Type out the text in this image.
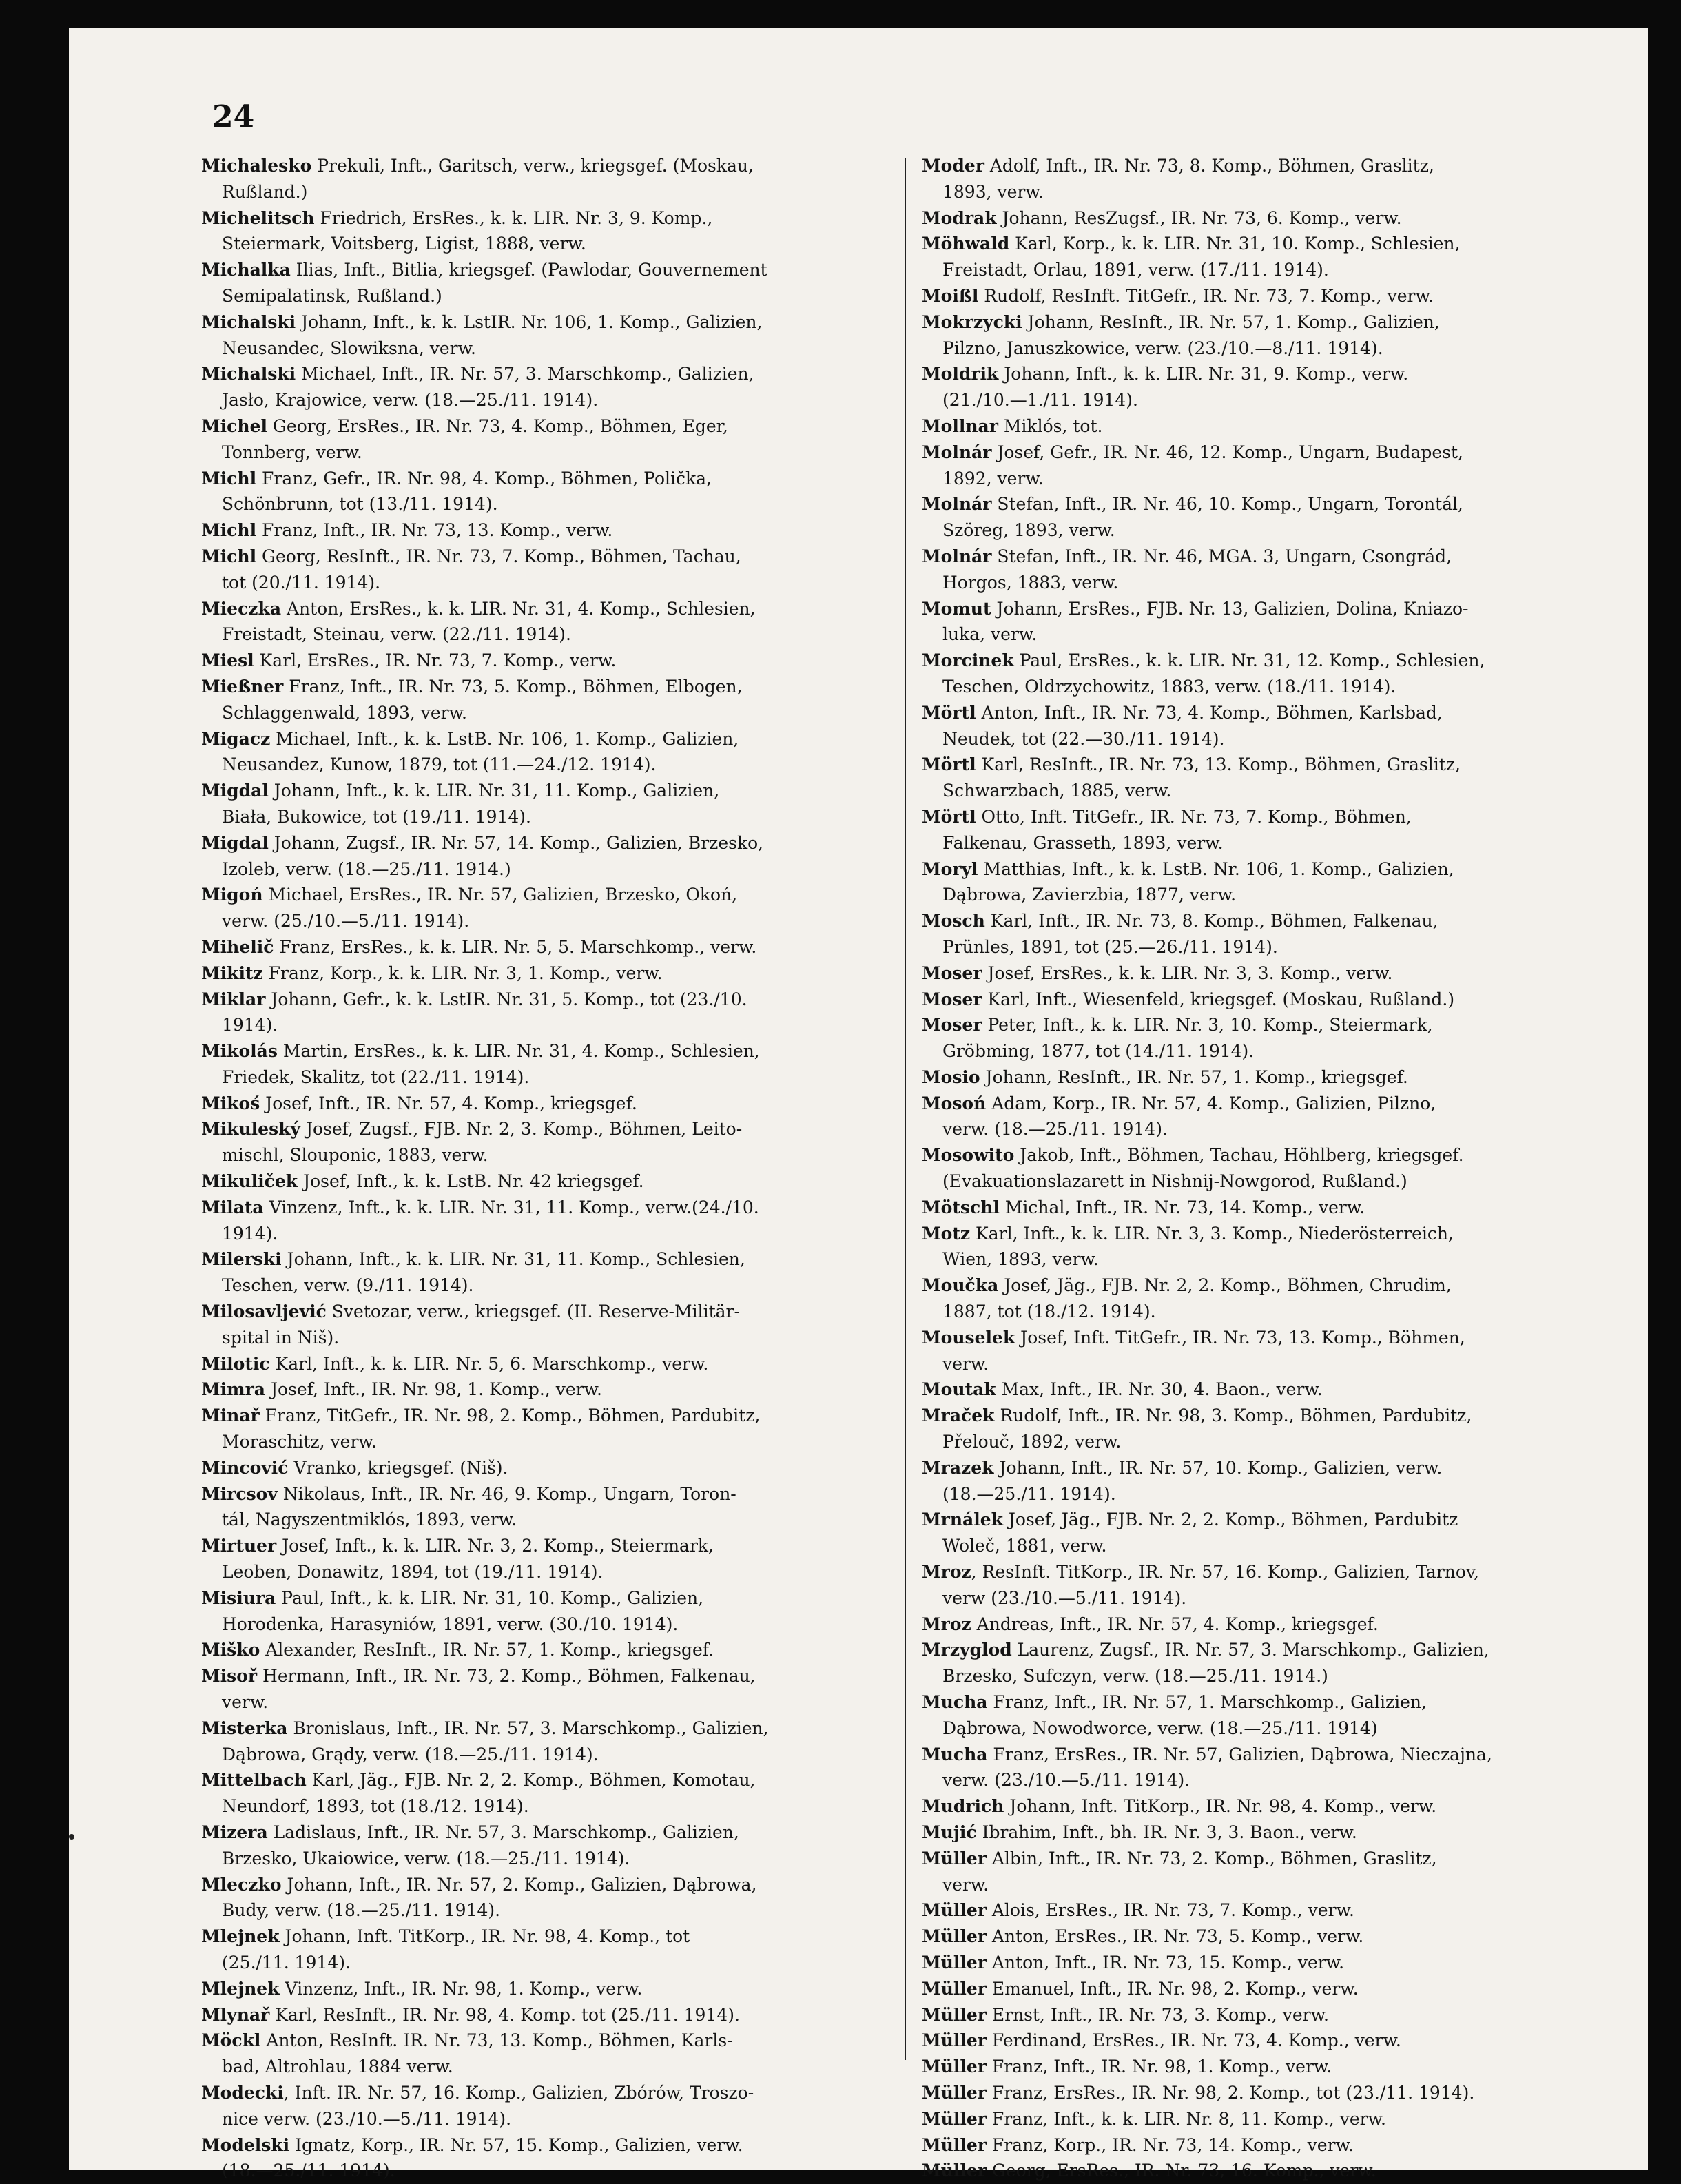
24
Michalesko Prekuli, Inft., Garitsch, verw., kriegsgef. (Moskau,
Rußland.)
Michelitsch Friedrich, ErsRes., k. k. LIR. Nr. 3, 9. Komp.,
Steiermark, Voitsberg, Ligist, 1888, verw.
Michalka Ilias, Inft., Bitlia, kriegsgef. (Pawlodar, Gouvernement
Semipalatinsk, Rußland.)
Michalski Johann, Inft., k. k. LstIR. Nr. 106, 1. Komp., Galizien,
Neusandec, Slowiksna, verw.
Michalski Michael, Inft., IR. Nr. 57, 3. Marschkomp., Galizien,
Jasło, Krajowice, verw. (18.—25./11. 1914).
Michel Georg, ErsRes., IR. Nr. 73, 4. Komp., Böhmen, Eger,
Tonnberg, verw.
Michl Franz, Gefr., IR. Nr. 98, 4. Komp., Böhmen, Polička,
Schönbrunn, tot (13./11. 1914).
Michl Franz, Inft., IR. Nr. 73, 13. Komp., verw.
Michl Georg, ResInft., IR. Nr. 73, 7. Komp., Böhmen, Tachau,
tot (20./11. 1914).
Mieczka Anton, ErsRes., k. k. LIR. Nr. 31, 4. Komp., Schlesien,
Freistadt, Steinau, verw. (22./11. 1914).
Miesl Karl, ErsRes., IR. Nr. 73, 7. Komp., verw.
Mießner Franz, Inft., IR. Nr. 73, 5. Komp., Böhmen, Elbogen,
Schlaggenwald, 1893, verw.
Migacz Michael, Inft., k. k. LstB. Nr. 106, 1. Komp., Galizien,
Neusandez, Kunow, 1879, tot (11.—24./12. 1914).
Migdal Johann, Inft., k. k. LIR. Nr. 31, 11. Komp., Galizien,
Biała, Bukowice, tot (19./11. 1914).
Migdal Johann, Zugsf., IR. Nr. 57, 14. Komp., Galizien, Brzesko,
Izoleb, verw. (18.—25./11. 1914.)
Migoń Michael, ErsRes., IR. Nr. 57, Galizien, Brzesko, Okoń,
verw. (25./10.—5./11. 1914).
Mihelič Franz, ErsRes., k. k. LIR. Nr. 5, 5. Marschkomp., verw.
Mikitz Franz, Korp., k. k. LIR. Nr. 3, 1. Komp., verw.
Miklar Johann, Gefr., k. k. LstIR. Nr. 31, 5. Komp., tot (23./10.
1914).
Mikolás Martin, ErsRes., k. k. LIR. Nr. 31, 4. Komp., Schlesien,
Friedek, Skalitz, tot (22./11. 1914).
Mikoś Josef, Inft., IR. Nr. 57, 4. Komp., kriegsgef.
Mikuleský Josef, Zugsf., FJB. Nr. 2, 3. Komp., Böhmen, Leito-
mischl, Slouponic, 1883, verw.
Mikuliček Josef, Inft., k. k. LstB. Nr. 42 kriegsgef.
Milata Vinzenz, Inft., k. k. LIR. Nr. 31, 11. Komp., verw.(24./10.
1914).
Milerski Johann, Inft., k. k. LIR. Nr. 31, 11. Komp., Schlesien,
Teschen, verw. (9./11. 1914).
Milosavljević Svetozar, verw., kriegsgef. (II. Reserve-Militär-
spital in Niš).
Milotic Karl, Inft., k. k. LIR. Nr. 5, 6. Marschkomp., verw.
Mimra Josef, Inft., IR. Nr. 98, 1. Komp., verw.
Minař Franz, TitGefr., IR. Nr. 98, 2. Komp., Böhmen, Pardubitz,
Moraschitz, verw.
Mincović Vranko, kriegsgef. (Niš).
Mircsov Nikolaus, Inft., IR. Nr. 46, 9. Komp., Ungarn, Toron-
tál, Nagyszentmiklós, 1893, verw.
Mirtuer Josef, Inft., k. k. LIR. Nr. 3, 2. Komp., Steiermark,
Leoben, Donawitz, 1894, tot (19./11. 1914).
Misiura Paul, Inft., k. k. LIR. Nr. 31, 10. Komp., Galizien,
Horodenka, Harasyniów, 1891, verw. (30./10. 1914).
Miško Alexander, ResInft., IR. Nr. 57, 1. Komp., kriegsgef.
Misoř Hermann, Inft., IR. Nr. 73, 2. Komp., Böhmen, Falkenau,
verw.
Misterka Bronislaus, Inft., IR. Nr. 57, 3. Marschkomp., Galizien,
Dąbrowa, Grądy, verw. (18.—25./11. 1914).
Mittelbach Karl, Jäg., FJB. Nr. 2, 2. Komp., Böhmen, Komotau,
Neundorf, 1893, tot (18./12. 1914).
Mizera Ladislaus, Inft., IR. Nr. 57, 3. Marschkomp., Galizien,
Brzesko, Ukaiowice, verw. (18.—25./11. 1914).
Mleczko Johann, Inft., IR. Nr. 57, 2. Komp., Galizien, Dąbrowa,
Budy, verw. (18.—25./11. 1914).
Mlejnek Johann, Inft. TitKorp., IR. Nr. 98, 4. Komp., tot
(25./11. 1914).
Mlejnek Vinzenz, Inft., IR. Nr. 98, 1. Komp., verw.
Mlynař Karl, ResInft., IR. Nr. 98, 4. Komp. tot (25./11. 1914).
Möckl Anton, ResInft. IR. Nr. 73, 13. Komp., Böhmen, Karls-
bad, Altrohlau, 1884 verw.
Modecki, Inft. IR. Nr. 57, 16. Komp., Galizien, Zbórów, Troszo-
nice verw. (23./10.—5./11. 1914).
Modelski Ignatz, Korp., IR. Nr. 57, 15. Komp., Galizien, verw.
(18.—25./11. 1914).
Moder Adolf, Inft., IR. Nr. 73, 8. Komp., Böhmen, Graslitz,
1893, verw.
Modrak Johann, ResZugsf., IR. Nr. 73, 6. Komp., verw.
Möhwald Karl, Korp., k. k. LIR. Nr. 31, 10. Komp., Schlesien,
Freistadt, Orlau, 1891, verw. (17./11. 1914).
Moißl Rudolf, ResInft. TitGefr., IR. Nr. 73, 7. Komp., verw.
Mokrzycki Johann, ResInft., IR. Nr. 57, 1. Komp., Galizien,
Pilzno, Januszkowice, verw. (23./10.—8./11. 1914).
Moldrik Johann, Inft., k. k. LIR. Nr. 31, 9. Komp., verw.
(21./10.—1./11. 1914).
Mollnar Miklós, tot.
Molnár Josef, Gefr., IR. Nr. 46, 12. Komp., Ungarn, Budapest,
1892, verw.
Molnár Stefan, Inft., IR. Nr. 46, 10. Komp., Ungarn, Torontál,
Szöreg, 1893, verw.
Molnár Stefan, Inft., IR. Nr. 46, MGA. 3, Ungarn, Csongrád,
Horgos, 1883, verw.
Momut Johann, ErsRes., FJB. Nr. 13, Galizien, Dolina, Kniazo-
luka, verw.
Morcinek Paul, ErsRes., k. k. LIR. Nr. 31, 12. Komp., Schlesien,
Teschen, Oldrzychowitz, 1883, verw. (18./11. 1914).
Mörtl Anton, Inft., IR. Nr. 73, 4. Komp., Böhmen, Karlsbad,
Neudek, tot (22.—30./11. 1914).
Mörtl Karl, ResInft., IR. Nr. 73, 13. Komp., Böhmen, Graslitz,
Schwarzbach, 1885, verw.
Mörtl Otto, Inft. TitGefr., IR. Nr. 73, 7. Komp., Böhmen,
Falkenau, Grasseth, 1893, verw.
Moryl Matthias, Inft., k. k. LstB. Nr. 106, 1. Komp., Galizien,
Dąbrowa, Zavierzbia, 1877, verw.
Mosch Karl, Inft., IR. Nr. 73, 8. Komp., Böhmen, Falkenau,
Prünles, 1891, tot (25.—26./11. 1914).
Moser Josef, ErsRes., k. k. LIR. Nr. 3, 3. Komp., verw.
Moser Karl, Inft., Wiesenfeld, kriegsgef. (Moskau, Rußland.)
Moser Peter, Inft., k. k. LIR. Nr. 3, 10. Komp., Steiermark,
Gröbming, 1877, tot (14./11. 1914).
Mosio Johann, ResInft., IR. Nr. 57, 1. Komp., kriegsgef.
Mosoń Adam, Korp., IR. Nr. 57, 4. Komp., Galizien, Pilzno,
verw. (18.—25./11. 1914).
Mosowito Jakob, Inft., Böhmen, Tachau, Höhlberg, kriegsgef.
(Evakuationslazarett in Nishnij-Nowgorod, Rußland.)
Mötschl Michal, Inft., IR. Nr. 73, 14. Komp., verw.
Motz Karl, Inft., k. k. LIR. Nr. 3, 3. Komp., Niederösterreich,
Wien, 1893, verw.
Moučka Josef, Jäg., FJB. Nr. 2, 2. Komp., Böhmen, Chrudim,
1887, tot (18./12. 1914).
Mouselek Josef, Inft. TitGefr., IR. Nr. 73, 13. Komp., Böhmen,
verw.
Moutak Max, Inft., IR. Nr. 30, 4. Baon., verw.
Mraček Rudolf, Inft., IR. Nr. 98, 3. Komp., Böhmen, Pardubitz,
Přelouč, 1892, verw.
Mrazek Johann, Inft., IR. Nr. 57, 10. Komp., Galizien, verw.
(18.—25./11. 1914).
Mrnálek Josef, Jäg., FJB. Nr. 2, 2. Komp., Böhmen, Pardubitz
Woleč, 1881, verw.
Mroz, ResInft. TitKorp., IR. Nr. 57, 16. Komp., Galizien, Tarnov,
verw (23./10.—5./11. 1914).
Mroz Andreas, Inft., IR. Nr. 57, 4. Komp., kriegsgef.
Mrzyglod Laurenz, Zugsf., IR. Nr. 57, 3. Marschkomp., Galizien,
Brzesko, Sufczyn, verw. (18.—25./11. 1914.)
Mucha Franz, Inft., IR. Nr. 57, 1. Marschkomp., Galizien,
Dąbrowa, Nowodworce, verw. (18.—25./11. 1914)
Mucha Franz, ErsRes., IR. Nr. 57, Galizien, Dąbrowa, Nieczajna,
verw. (23./10.—5./11. 1914).
Mudrich Johann, Inft. TitKorp., IR. Nr. 98, 4. Komp., verw.
Mujić Ibrahim, Inft., bh. IR. Nr. 3, 3. Baon., verw.
Müller Albin, Inft., IR. Nr. 73, 2. Komp., Böhmen, Graslitz,
verw.
Müller Alois, ErsRes., IR. Nr. 73, 7. Komp., verw.
Müller Anton, ErsRes., IR. Nr. 73, 5. Komp., verw.
Müller Anton, Inft., IR. Nr. 73, 15. Komp., verw.
Müller Emanuel, Inft., IR. Nr. 98, 2. Komp., verw.
Müller Ernst, Inft., IR. Nr. 73, 3. Komp., verw.
Müller Ferdinand, ErsRes., IR. Nr. 73, 4. Komp., verw.
Müller Franz, Inft., IR. Nr. 98, 1. Komp., verw.
Müller Franz, ErsRes., IR. Nr. 98, 2. Komp., tot (23./11. 1914).
Müller Franz, Inft., k. k. LIR. Nr. 8, 11. Komp., verw.
Müller Franz, Korp., IR. Nr. 73, 14. Komp., verw.
Müller Georg, ErsRes., IR. Nr. 73, 16. Komp., verw.
